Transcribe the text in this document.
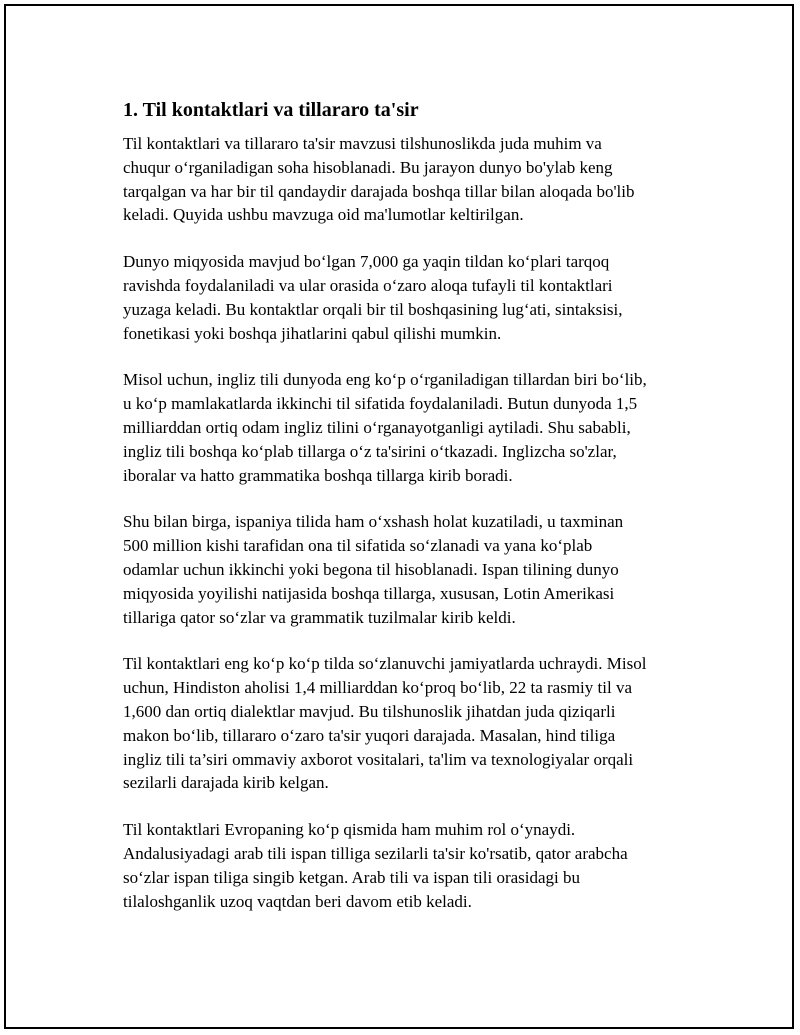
1. Til kontaktlari va tillararo ta'sir

Til kontaktlari va tillararo ta'sir mavzusi tilshunoslikda juda muhim va
chuqur oʻrganiladigan soha hisoblanadi. Bu jarayon dunyo bo'ylab keng
tarqalgan va har bir til qandaydir darajada boshqa tillar bilan aloqada bo'lib
keladi. Quyida ushbu mavzuga oid ma'lumotlar keltirilgan.

Dunyo miqyosida mavjud boʻlgan 7,000 ga yaqin tildan koʻplari tarqoq
ravishda foydalaniladi va ular orasida oʻzaro aloqa tufayli til kontaktlari
yuzaga keladi. Bu kontaktlar orqali bir til boshqasining lugʻati, sintaksisi,
fonetikasi yoki boshqa jihatlarini qabul qilishi mumkin.

Misol uchun, ingliz tili dunyoda eng koʻp oʻrganiladigan tillardan biri boʻlib,
u koʻp mamlakatlarda ikkinchi til sifatida foydalaniladi. Butun dunyoda 1,5
milliarddan ortiq odam ingliz tilini oʻrganayotganligi aytiladi. Shu sababli,
ingliz tili boshqa koʻplab tillarga oʻz ta'sirini oʻtkazadi. Inglizcha so'zlar,
iboralar va hatto grammatika boshqa tillarga kirib boradi.

Shu bilan birga, ispaniya tilida ham oʻxshash holat kuzatiladi, u taxminan
500 million kishi tarafidan ona til sifatida soʻzlanadi va yana koʻplab
odamlar uchun ikkinchi yoki begona til hisoblanadi. Ispan tilining dunyo
miqyosida yoyilishi natijasida boshqa tillarga, xususan, Lotin Amerikasi
tillariga qator soʻzlar va grammatik tuzilmalar kirib keldi.

Til kontaktlari eng koʻp koʻp tilda soʻzlanuvchi jamiyatlarda uchraydi. Misol
uchun, Hindiston aholisi 1,4 milliarddan koʻproq boʻlib, 22 ta rasmiy til va
1,600 dan ortiq dialektlar mavjud. Bu tilshunoslik jihatdan juda qiziqarli
makon boʻlib, tillararo oʻzaro ta'sir yuqori darajada. Masalan, hind tiliga
ingliz tili ta’siri ommaviy axborot vositalari, ta'lim va texnologiyalar orqali
sezilarli darajada kirib kelgan.

Til kontaktlari Evropaning koʻp qismida ham muhim rol oʻynaydi.
Andalusiyadagi arab tili ispan tilliga sezilarli ta'sir ko'rsatib, qator arabcha
soʻzlar ispan tiliga singib ketgan. Arab tili va ispan tili orasidagi bu
tilaloshganlik uzoq vaqtdan beri davom etib keladi.
